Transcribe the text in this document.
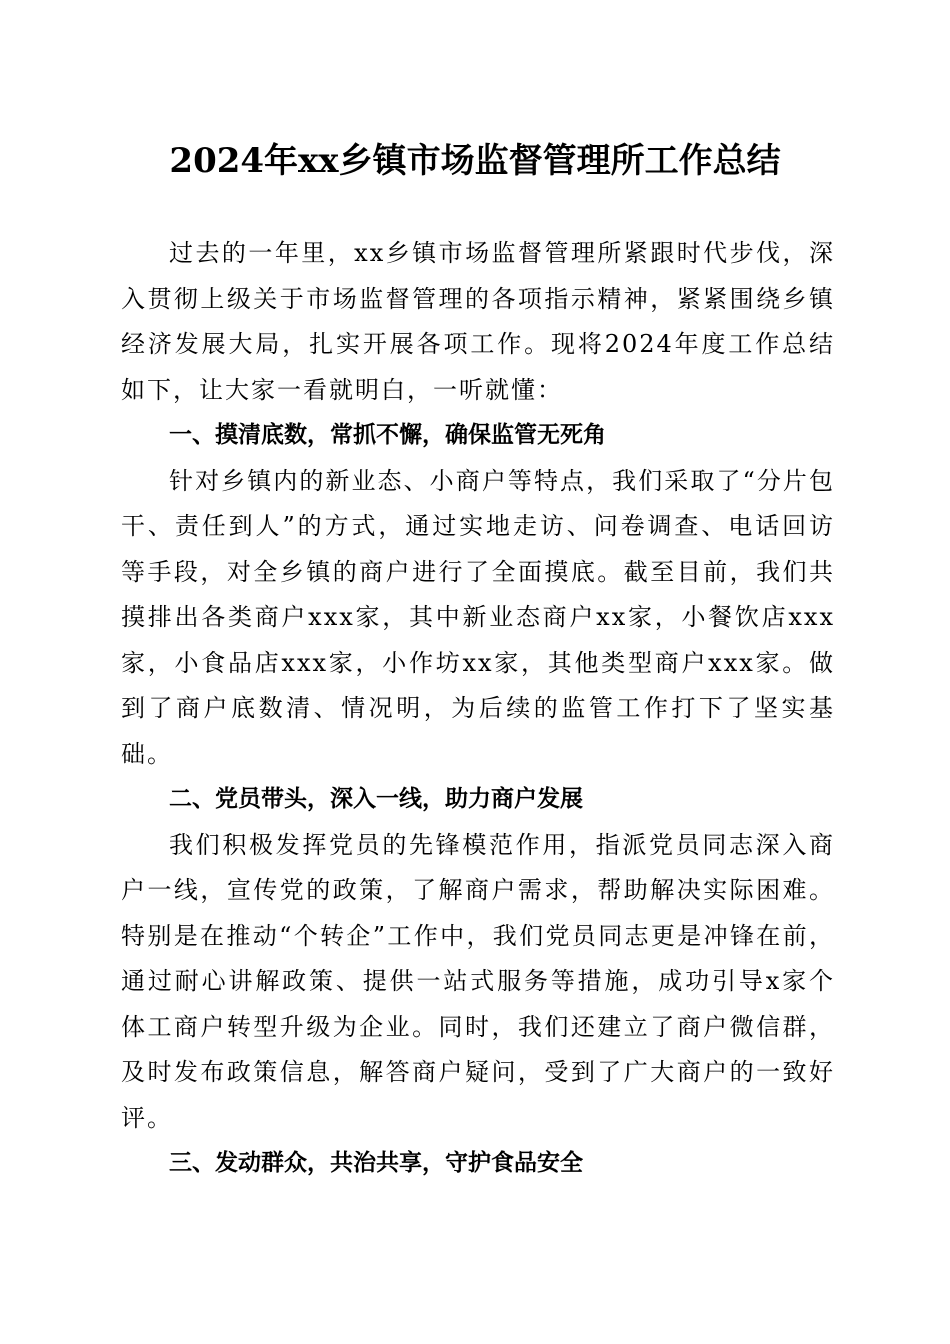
2024年xx乡镇市场监督管理所工作总结

过去的一年里，xx乡镇市场监督管理所紧跟时代步伐，深入贯彻上级关于市场监督管理的各项指示精神，紧紧围绕乡镇经济发展大局，扎实开展各项工作。现将2024年度工作总结如下，让大家一看就明白，一听就懂：

一、摸清底数，常抓不懈，确保监管无死角

针对乡镇内的新业态、小商户等特点，我们采取了“分片包干、责任到人”的方式，通过实地走访、问卷调查、电话回访等手段，对全乡镇的商户进行了全面摸底。截至目前，我们共摸排出各类商户xxx家，其中新业态商户xx家，小餐饮店xxx家，小食品店xxx家，小作坊xx家，其他类型商户xxx家。做到了商户底数清、情况明，为后续的监管工作打下了坚实基础。

二、党员带头，深入一线，助力商户发展

我们积极发挥党员的先锋模范作用，指派党员同志深入商户一线，宣传党的政策，了解商户需求，帮助解决实际困难。特别是在推动“个转企”工作中，我们党员同志更是冲锋在前，通过耐心讲解政策、提供一站式服务等措施，成功引导x家个体工商户转型升级为企业。同时，我们还建立了商户微信群，及时发布政策信息，解答商户疑问，受到了广大商户的一致好评。

三、发动群众，共治共享，守护食品安全
